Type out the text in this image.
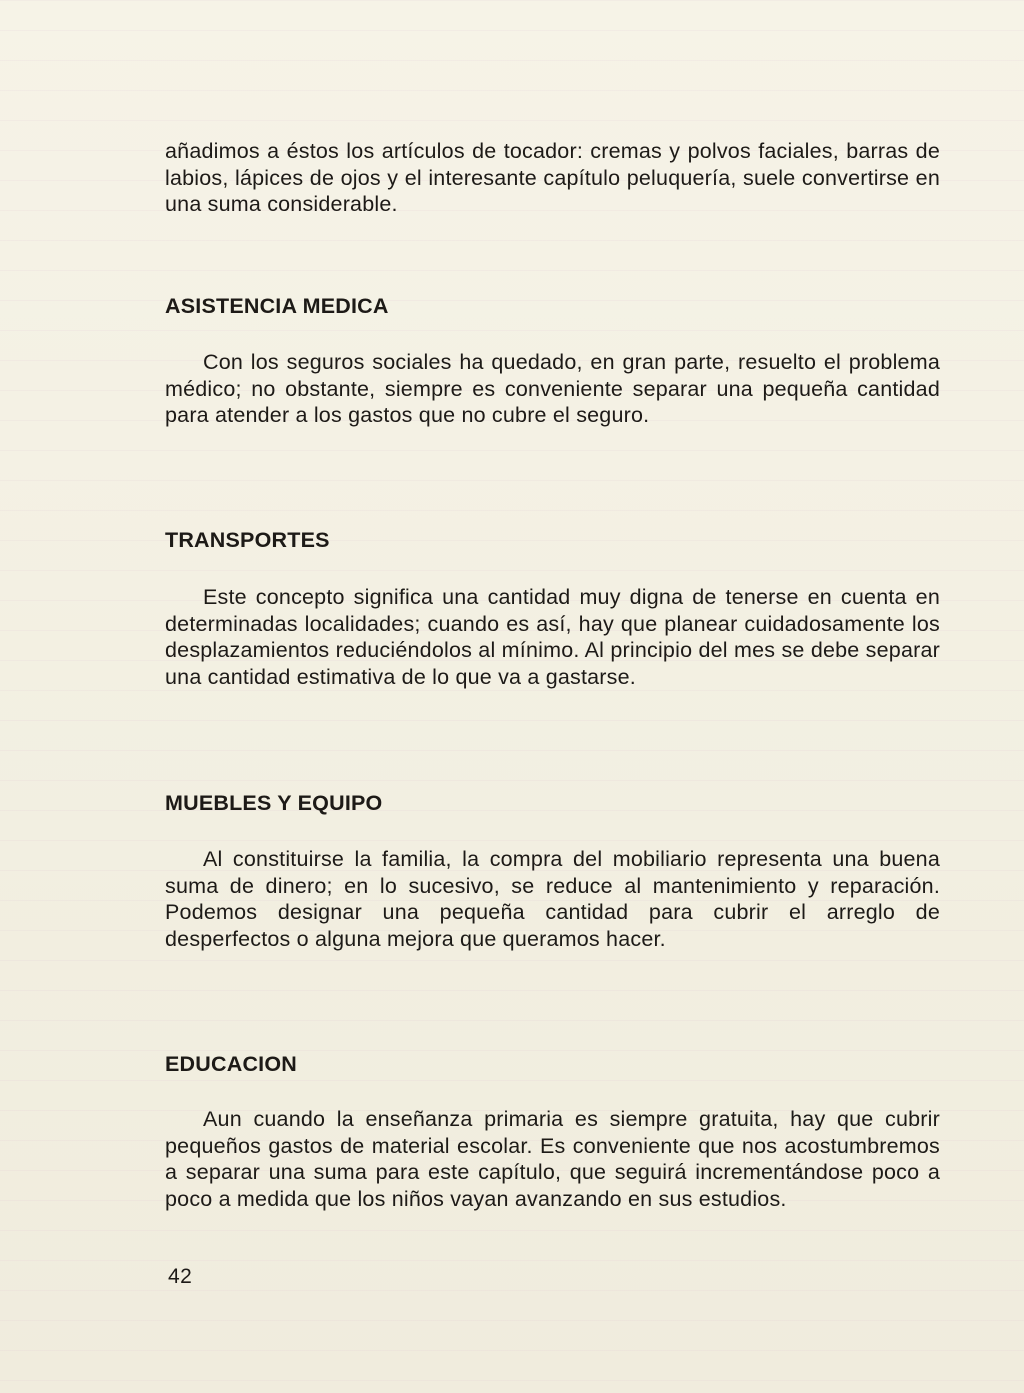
añadimos a éstos los artículos de tocador: cremas y polvos faciales, barras de labios, lápices de ojos y el interesante capítulo peluquería, suele convertirse en una suma considerable.

ASISTENCIA MEDICA

Con los seguros sociales ha quedado, en gran parte, resuelto el problema médico; no obstante, siempre es conveniente separar una pequeña cantidad para atender a los gastos que no cubre el seguro.

TRANSPORTES

Este concepto significa una cantidad muy digna de tenerse en cuenta en determinadas localidades; cuando es así, hay que planear cuidadosamente los desplazamientos reduciéndolos al mínimo. Al principio del mes se debe separar una cantidad estimativa de lo que va a gastarse.

MUEBLES Y EQUIPO

Al constituirse la familia, la compra del mobiliario representa una buena suma de dinero; en lo sucesivo, se reduce al mantenimiento y reparación. Podemos designar una pequeña cantidad para cubrir el arreglo de desperfectos o alguna mejora que queramos hacer.

EDUCACION

Aun cuando la enseñanza primaria es siempre gratuita, hay que cubrir pequeños gastos de material escolar. Es conveniente que nos acostumbremos a separar una suma para este capítulo, que seguirá incrementándose poco a poco a medida que los niños vayan avanzando en sus estudios.

42
